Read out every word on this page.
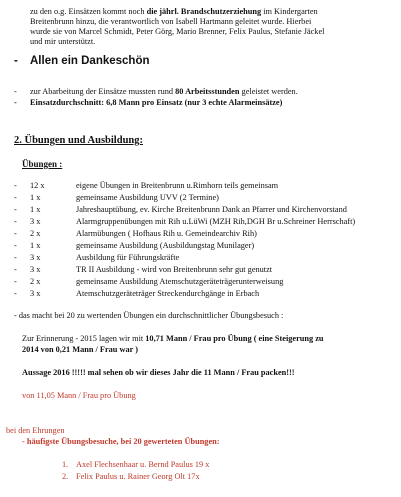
zu den o.g. Einsätzen kommt noch die jährl. Brandschutzerziehung im Kindergarten
Breitenbrunn hinzu, die verantwortlich von Isabell Hartmann geleitet wurde. Hierbei
wurde sie von Marcel Schmidt, Peter Görg, Mario Brenner, Felix Paulus, Stefanie Jäckel
und mir unterstützt.
- Allen ein Dankeschön
- zur Abarbeitung der Einsätze mussten rund 80 Arbeitsstunden geleistet werden.
- Einsatzdurchschnitt: 6,8 Mann pro Einsatz (nur 3 echte Alarmeinsätze)
2. Übungen und Ausbildung:
Übungen :
- 12 x	eigene Übungen in Breitenbrunn u.Rimhorn teils gemeinsam
- 1 x	gemeinsame Ausbildung UVV (2 Termine)
- 1 x	Jahreshauptübung, ev. Kirche Breitenbrunn Dank an Pfarrer und Kirchenvorstand
- 3 x	Alarmgruppenübungen mit Rih u.LüWi (MZH Rih,DGH Br u.Schreiner Herrschaft)
- 2 x	Alarmübungen ( Hofhaus Rih u. Gemeindearchiv Rih)
- 1 x	gemeinsame Ausbildung (Ausbildungstag Munilager)
- 3 x	Ausbildung für Führungskräfte
- 3 x	TR II Ausbildung - wird von Breitenbrunn sehr gut genutzt
- 2 x	gemeinsame Ausbildung Atemschutzgeräteträgerunterweisung
- 3 x	Atemschutzgeräteträger Streckendurchgänge in Erbach
- das macht bei 20 zu wertenden Übungen ein durchschnittlicher Übungsbesuch :
Zur Erinnerung - 2015 lagen wir mit 10,71 Mann / Frau pro Übung ( eine Steigerung zu
2014 von 0,21 Mann / Frau war )
Aussage 2016 !!!!! mal sehen ob wir dieses Jahr die 11 Mann / Frau packen!!!
von 11,05 Mann / Frau pro Übung
bei den Ehrungen
- häufigste Übungsbesuche, bei 20 gewerteten Übungen:
1. Axel Flechsenhaar u. Bernd Paulus 19 x
2. Felix Paulus u. Rainer Georg Olt 17x
